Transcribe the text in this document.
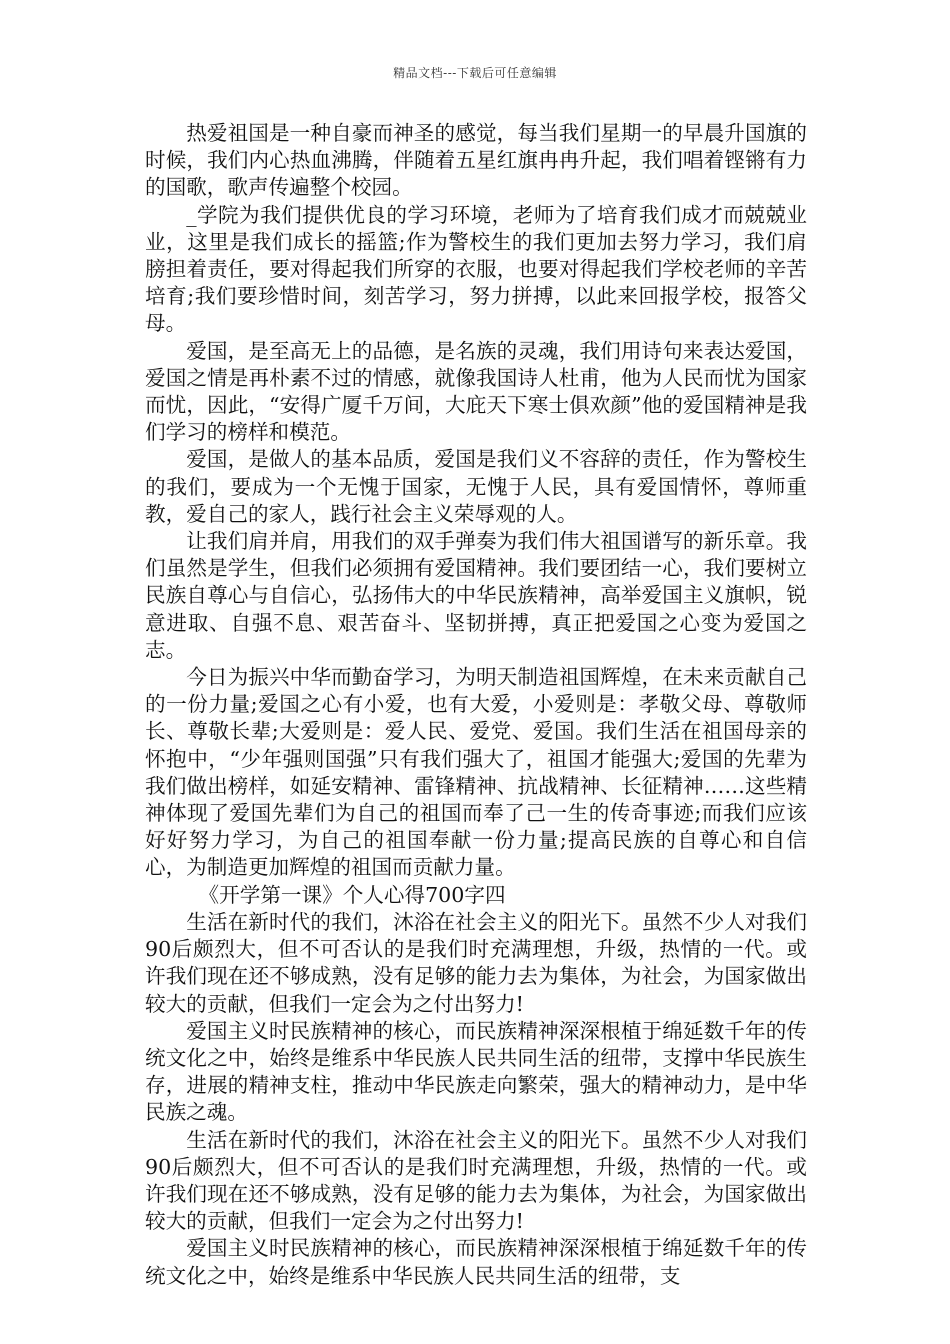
精品文档---下载后可任意编辑

热爱祖国是一种自豪而神圣的感觉，每当我们星期一的早晨升国旗的时候，我们内心热血沸腾，伴随着五星红旗冉冉升起，我们唱着铿锵有力的国歌，歌声传遍整个校园。

_学院为我们提供优良的学习环境，老师为了培育我们成才而兢兢业业，这里是我们成长的摇篮;作为警校生的我们更加去努力学习，我们肩膀担着责任，要对得起我们所穿的衣服，也要对得起我们学校老师的辛苦培育;我们要珍惜时间，刻苦学习，努力拼搏，以此来回报学校，报答父母。

爱国，是至高无上的品德，是名族的灵魂，我们用诗句来表达爱国，爱国之情是再朴素不过的情感，就像我国诗人杜甫，他为人民而忧为国家而忧，因此，“安得广厦千万间，大庇天下寒士俱欢颜”他的爱国精神是我们学习的榜样和模范。

爱国，是做人的基本品质，爱国是我们义不容辞的责任，作为警校生的我们，要成为一个无愧于国家，无愧于人民，具有爱国情怀，尊师重教，爱自己的家人，践行社会主义荣辱观的人。

让我们肩并肩，用我们的双手弹奏为我们伟大祖国谱写的新乐章。我们虽然是学生，但我们必须拥有爱国精神。我们要团结一心，我们要树立民族自尊心与自信心，弘扬伟大的中华民族精神，高举爱国主义旗帜，锐意进取、自强不息、艰苦奋斗、坚韧拼搏，真正把爱国之心变为爱国之志。

今日为振兴中华而勤奋学习，为明天制造祖国辉煌，在未来贡献自己的一份力量;爱国之心有小爱，也有大爱，小爱则是：孝敬父母、尊敬师长、尊敬长辈;大爱则是：爱人民、爱党、爱国。我们生活在祖国母亲的怀抱中，“少年强则国强”只有我们强大了，祖国才能强大;爱国的先辈为我们做出榜样，如延安精神、雷锋精神、抗战精神、长征精神……这些精神体现了爱国先辈们为自己的祖国而奉了己一生的传奇事迹;而我们应该好好努力学习，为自己的祖国奉献一份力量;提高民族的自尊心和自信心，为制造更加辉煌的祖国而贡献力量。

《开学第一课》个人心得700字四

生活在新时代的我们，沐浴在社会主义的阳光下。虽然不少人对我们90后颇烈大，但不可否认的是我们时充满理想，升级，热情的一代。或许我们现在还不够成熟，没有足够的能力去为集体，为社会，为国家做出较大的贡献，但我们一定会为之付出努力!

爱国主义时民族精神的核心，而民族精神深深根植于绵延数千年的传统文化之中，始终是维系中华民族人民共同生活的纽带，支撑中华民族生存，进展的精神支柱，推动中华民族走向繁荣，强大的精神动力，是中华民族之魂。

生活在新时代的我们，沐浴在社会主义的阳光下。虽然不少人对我们90后颇烈大，但不可否认的是我们时充满理想，升级，热情的一代。或许我们现在还不够成熟，没有足够的能力去为集体，为社会，为国家做出较大的贡献，但我们一定会为之付出努力!

爱国主义时民族精神的核心，而民族精神深深根植于绵延数千年的传统文化之中，始终是维系中华民族人民共同生活的纽带，支
